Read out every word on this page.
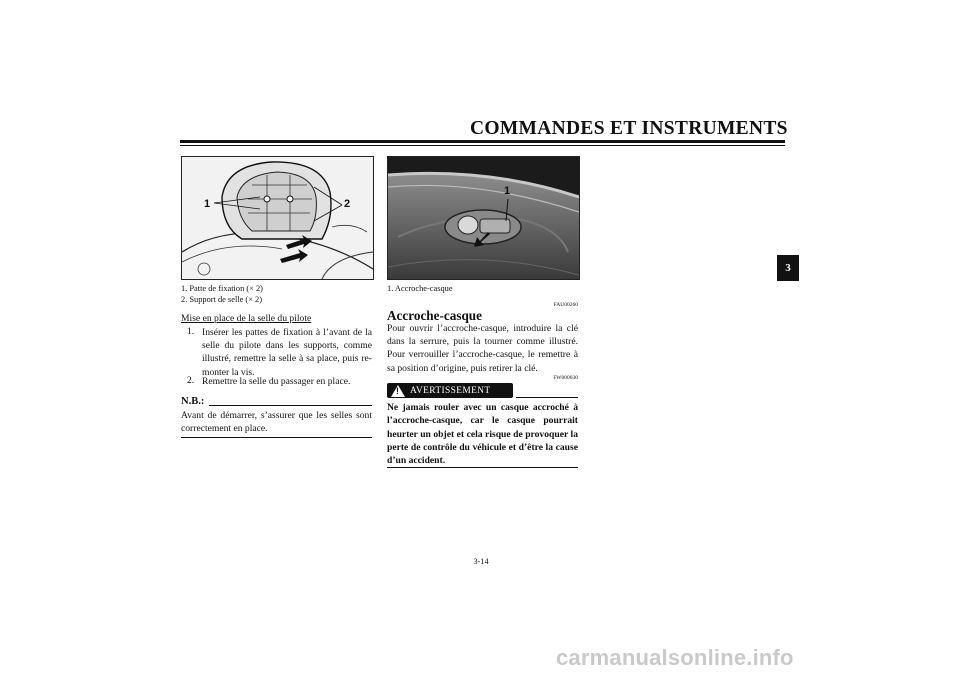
COMMANDES ET INSTRUMENTS
3
1	2
1. Patte de fixation (× 2)
2. Support de selle (× 2)
Mise en place de la selle du pilote
1. Insérer les pattes de fixation à l’avant de la selle du pilote dans les supports, comme illustré, remettre la selle à sa place, puis re- monter la vis.
2. Remettre la selle du passager en place.
N.B.:
Avant de démarrer, s’assurer que les selles sont correctement en place.
1
1. Accroche-casque
FAU00260
Accroche-casque
Pour ouvrir l’accroche-casque, introduire la clé dans la serrure, puis la tourner comme illustré. Pour verrouiller l’accroche-casque, le remettre à sa position d’origine, puis retirer la clé.
FW000030
! AVERTISSEMENT
Ne jamais rouler avec un casque accroché à l’accroche-casque, car le casque pourrait heurter un objet et cela risque de provoquer la perte de contrôle du véhicule et d’être la cause d’un accident.
3-14
carmanualsonline.info
